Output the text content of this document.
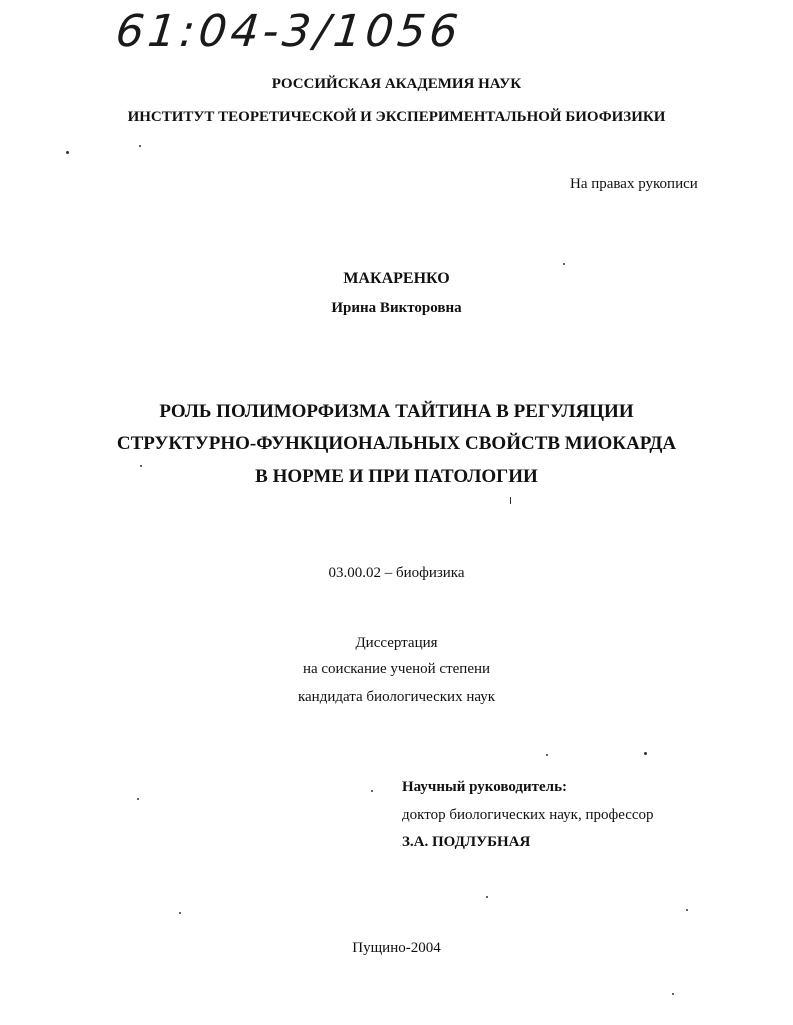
61:04-3/1056
РОССИЙСКАЯ АКАДЕМИЯ НАУК
ИНСТИТУТ ТЕОРЕТИЧЕСКОЙ И ЭКСПЕРИМЕНТАЛЬНОЙ БИОФИЗИКИ
На правах рукописи
МАКАРЕНКО
Ирина Викторовна
РОЛЬ ПОЛИМОРФИЗМА ТАЙТИНА В РЕГУЛЯЦИИ
СТРУКТУРНО-ФУНКЦИОНАЛЬНЫХ СВОЙСТВ МИОКАРДА
В НОРМЕ И ПРИ ПАТОЛОГИИ
03.00.02 – биофизика
Диссертация
на соискание ученой степени
кандидата биологических наук
Научный руководитель:
доктор биологических наук, профессор
З.А. ПОДЛУБНАЯ
Пущино-2004
